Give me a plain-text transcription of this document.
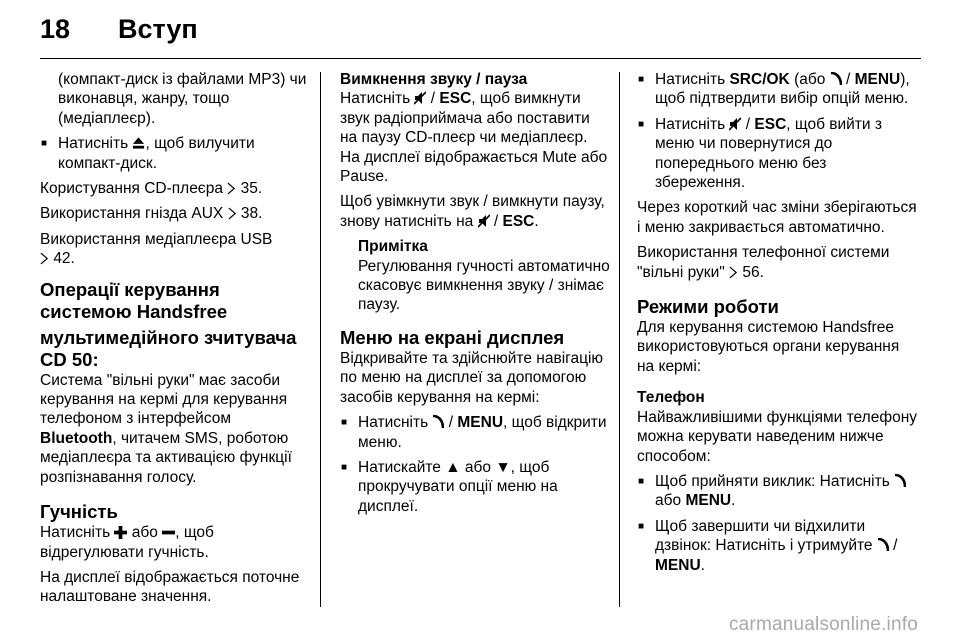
18 Вступ

(компакт-диск із файлами MP3) чи виконавця, жанру, тощо (медіаплеєр).

■ Натисніть , щоб вилучити компакт-диск.

Користування CD-плеєра  35.

Використання гнізда AUX  38.

Використання медіаплеєра USB
42.

Операції керування системою Handsfree
мультимедійного зчитувача CD 50:

Система "вільні руки" має засоби керування на кермі для керування телефоном з інтерфейсом Bluetooth, читачем SMS, роботою медіаплеєра та активацією функції розпізнавання голосу.

Гучність

Натисніть  або , щоб відрегулювати гучність.

На дисплеї відображається поточне налаштоване значення.

Вимкнення звуку / пауза

Натисніть  / ESC, щоб вимкнути звук радіоприймача або поставити на паузу CD-плеєр чи медіаплеєр. На дисплеї відображається Mute або Pause.

Щоб увімкнути звук / вимкнути паузу, знову натисніть на  / ESC.

Примітка
Регулювання гучності автоматично скасовує вимкнення звуку / знімає паузу.
Меню на екрані дисплея

Відкривайте та здійснюйте навігацію по меню на дисплеї за допомогою засобів керування на кермі:

■ Натисніть  / MENU, щоб відкрити меню.
■ Натискайте ▲ або ▼, щоб прокручувати опції меню на дисплеї.
■ Натисніть SRC/OK (або  / MENU), щоб підтвердити вибір опцій меню.
■ Натисніть  / ESC, щоб вийти з меню чи повернутися до попереднього меню без збереження.

Через короткий час зміни зберігаються і меню закривається автоматично.

Використання телефонної системи "вільні руки"  56.

Режими роботи

Для керування системою Handsfree використовуються органи керування на кермі:

Телефон

Найважливішими функціями телефону можна керувати наведеним нижче способом:

■ Щоб прийняти виклик: Натисніть  або MENU.
■ Щоб завершити чи відхилити дзвінок: Натисніть і утримуйте  / MENU.
carmanualsonline.info
